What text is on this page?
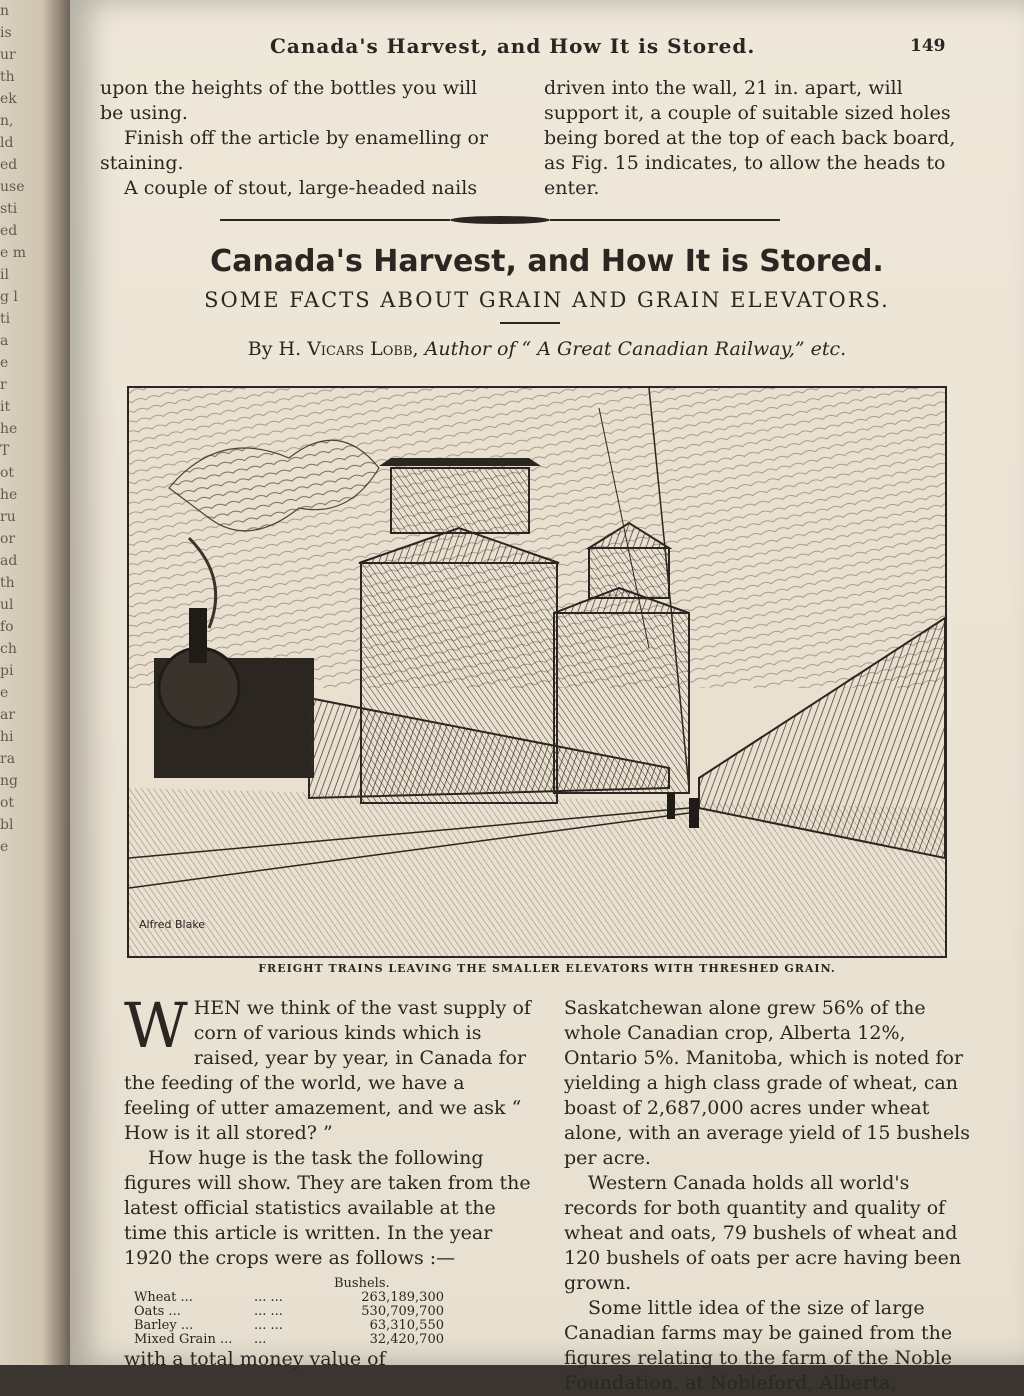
n
is
ur
th
ek
n,
ld
ed
use
sti
ed
e m
il
g l
ti
a
e
r
it
he
T
ot
he
ru
or
ad
th
ul
fo
ch
pi
e
ar
hi
ra
ng
ot
bl
e
Canada's Harvest, and How It is Stored.	149

upon the heights of the bottles you will

be using.

Finish off the article by enamelling or staining.

A couple of stout, large-headed nails

driven into the wall, 21 in. apart, will support it, a couple of suitable sized holes being bored at the top of each back board, as Fig. 15 indicates, to allow the heads to enter.

Canada's Harvest, and How It is Stored.
SOME FACTS ABOUT GRAIN AND GRAIN ELEVATORS.
By H. Vicars Lobb, Author of “ A Great Canadian Railway,” etc.
Alfred Blake
FREIGHT TRAINS LEAVING THE SMALLER ELEVATORS WITH THRESHED GRAIN.

WHEN we think of the vast supply of corn of various kinds which is raised, year by year, in Canada for the feeding of the world, we have a feeling of utter amazement, and we ask “ How is it all stored? ”

How huge is the task the following figures will show. They are taken from the latest official statistics available at the time this article is written. In the year 1920 the crops were as follows :—

Bushels.
Wheat ...	... ...	263,189,300
Oats ...	... ...	530,709,700
Barley ...	... ...	63,310,550
Mixed Grain ...	...	32,420,700

with a total money value of

Saskatchewan alone grew 56% of the whole Canadian crop, Alberta 12%, Ontario 5%. Manitoba, which is noted for yielding a high class grade of wheat, can boast of 2,687,000 acres under wheat alone, with an average yield of 15 bushels per acre.

Western Canada holds all world's records for both quantity and quality of wheat and oats, 79 bushels of wheat and 120 bushels of oats per acre having been grown.

Some little idea of the size of large Canadian farms may be gained from the figures relating to the farm of the Noble Foundation, at Nobleford, Alberta,
